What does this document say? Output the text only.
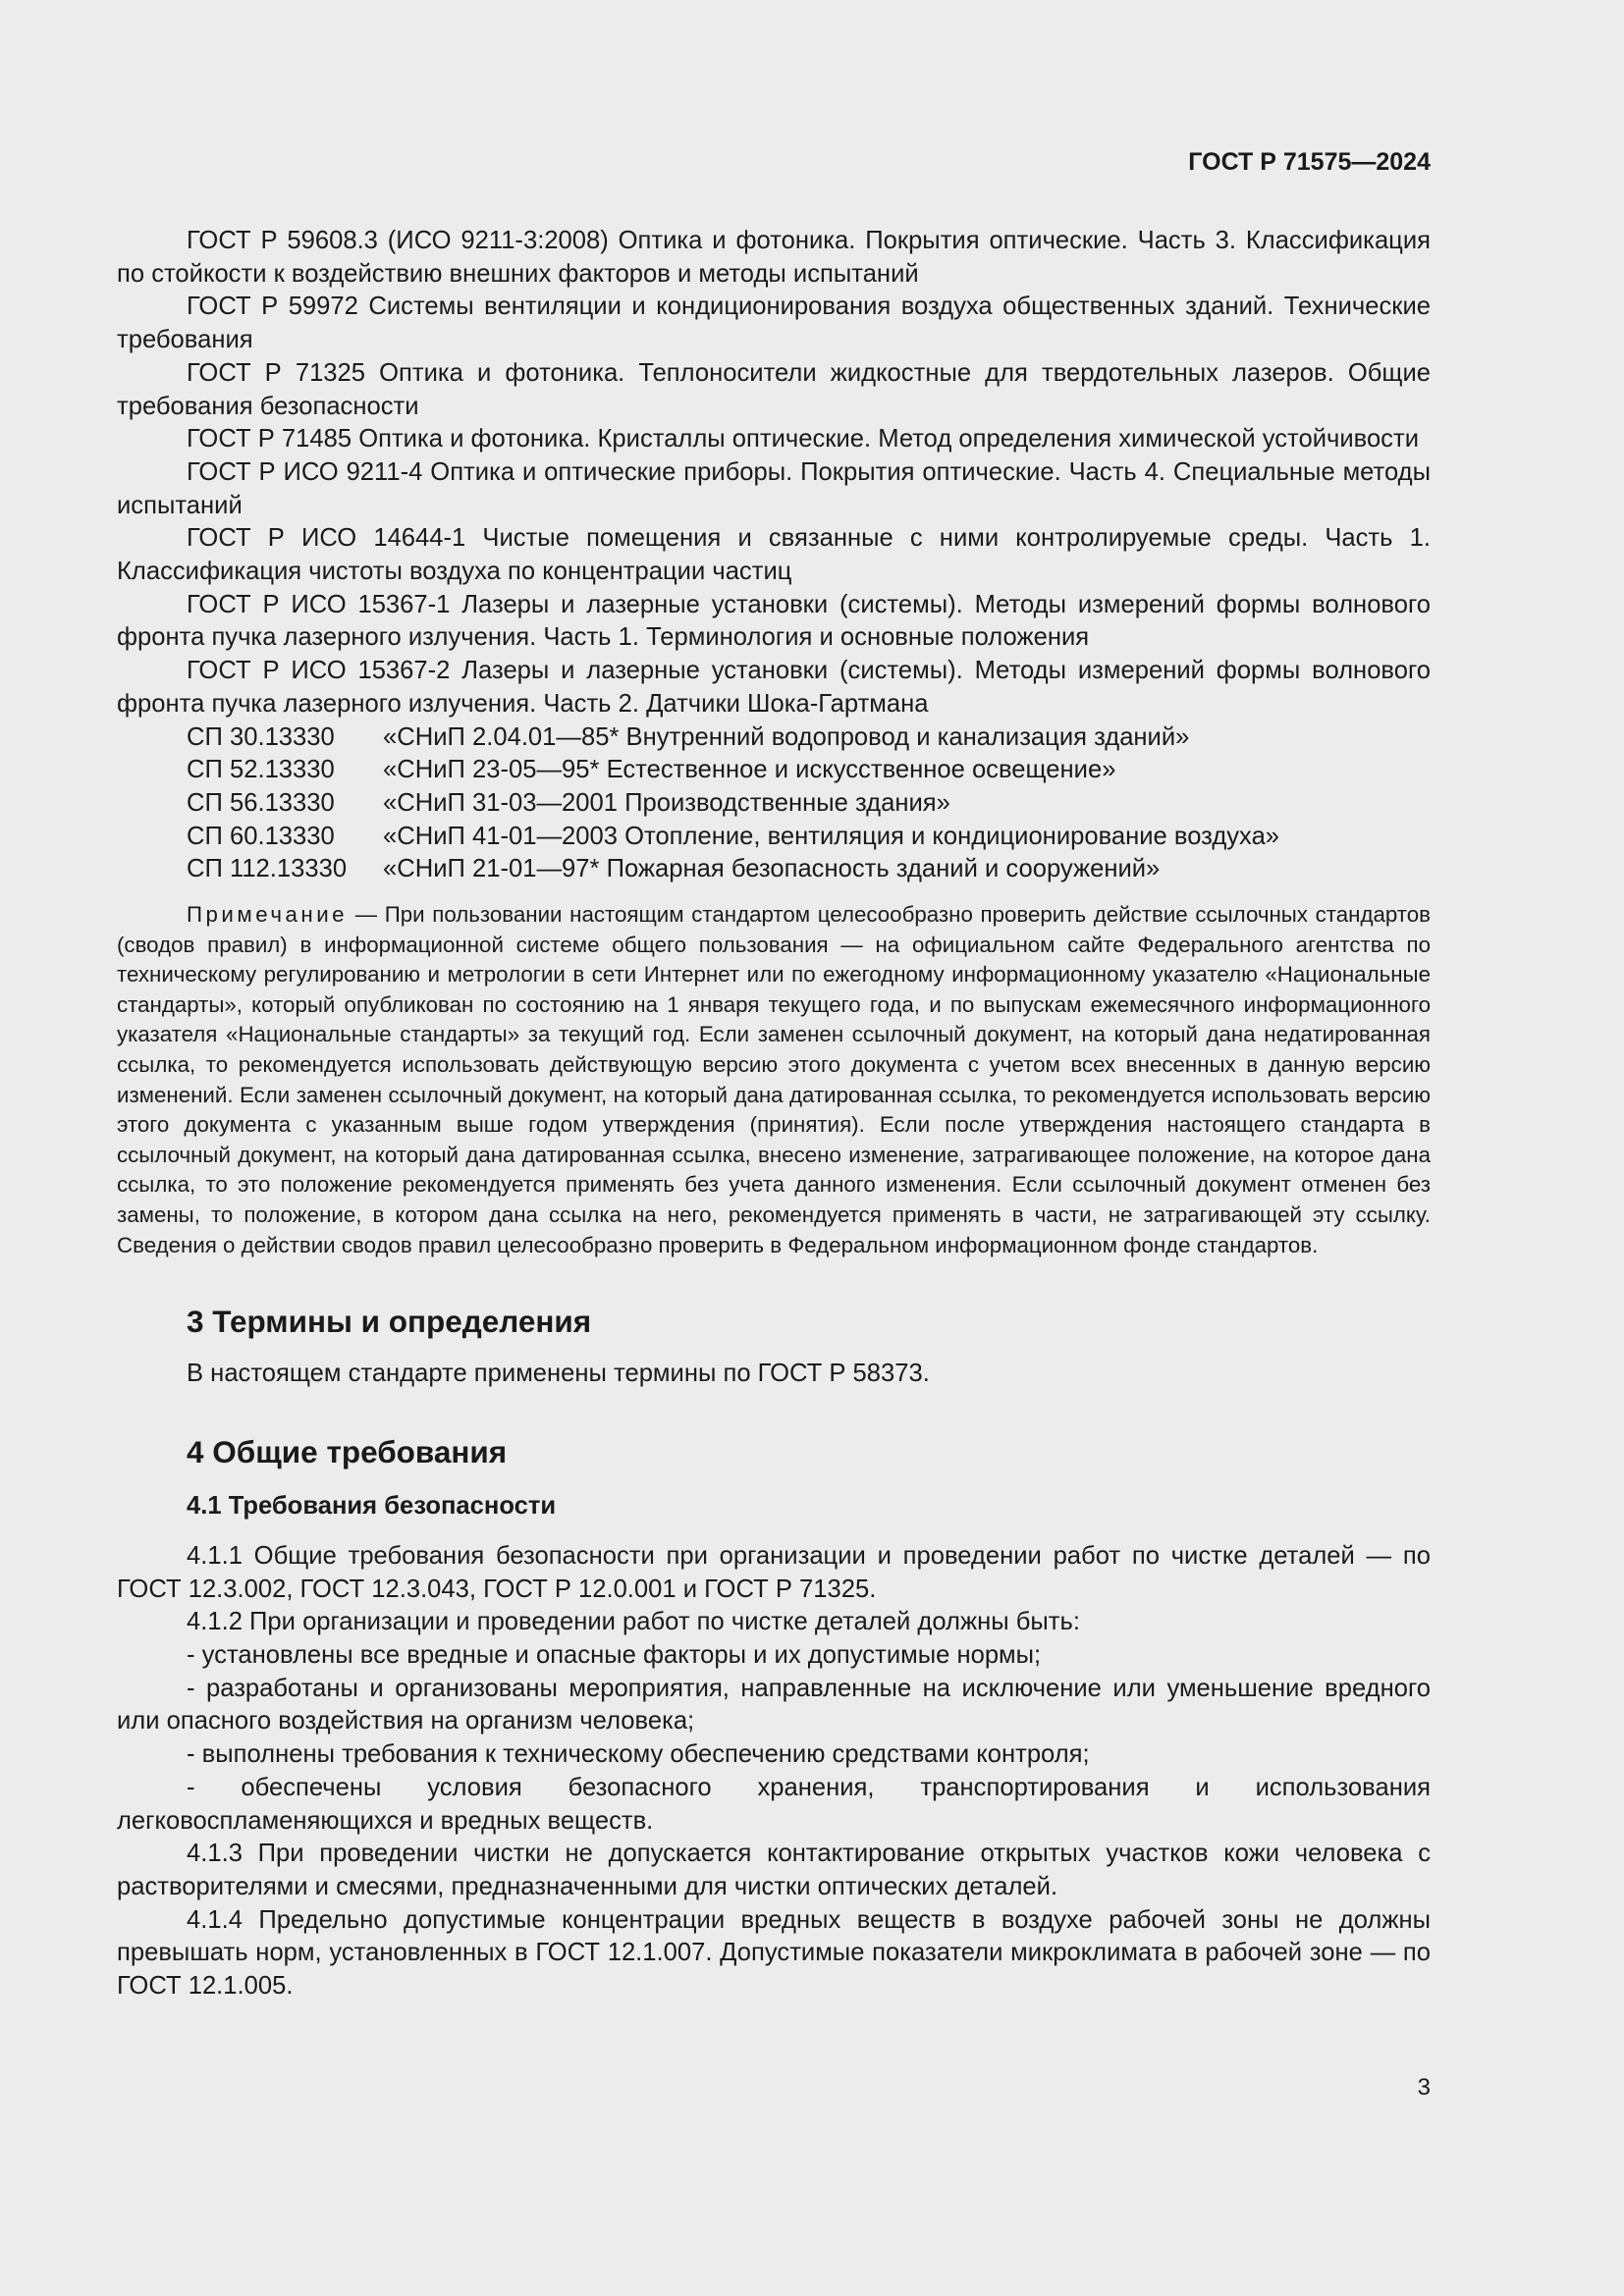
ГОСТ Р 71575—2024

ГОСТ Р 59608.3 (ИСО 9211-3:2008) Оптика и фотоника. Покрытия оптические. Часть 3. Классификация по стойкости к воздействию внешних факторов и методы испытаний

ГОСТ Р 59972 Системы вентиляции и кондиционирования воздуха общественных зданий. Технические требования

ГОСТ Р 71325 Оптика и фотоника. Теплоносители жидкостные для твердотельных лазеров. Общие требования безопасности

ГОСТ Р 71485 Оптика и фотоника. Кристаллы оптические. Метод определения химической устойчивости

ГОСТ Р ИСО 9211-4 Оптика и оптические приборы. Покрытия оптические. Часть 4. Специальные методы испытаний

ГОСТ Р ИСО 14644-1 Чистые помещения и связанные с ними контролируемые среды. Часть 1. Классификация чистоты воздуха по концентрации частиц

ГОСТ Р ИСО 15367-1 Лазеры и лазерные установки (системы). Методы измерений формы волнового фронта пучка лазерного излучения. Часть 1. Терминология и основные положения

ГОСТ Р ИСО 15367-2 Лазеры и лазерные установки (системы). Методы измерений формы волнового фронта пучка лазерного излучения. Часть 2. Датчики Шока-Гартмана

СП 30.13330 «СНиП 2.04.01—85* Внутренний водопровод и канализация зданий»

СП 52.13330 «СНиП 23-05—95* Естественное и искусственное освещение»

СП 56.13330 «СНиП 31-03—2001 Производственные здания»

СП 60.13330 «СНиП 41-01—2003 Отопление, вентиляция и кондиционирование воздуха»

СП 112.13330 «СНиП 21-01—97* Пожарная безопасность зданий и сооружений»

Примечание — При пользовании настоящим стандартом целесообразно проверить действие ссылочных стандартов (сводов правил) в информационной системе общего пользования — на официальном сайте Федерального агентства по техническому регулированию и метрологии в сети Интернет или по ежегодному информационному указателю «Национальные стандарты», который опубликован по состоянию на 1 января текущего года, и по выпускам ежемесячного информационного указателя «Национальные стандарты» за текущий год. Если заменен ссылочный документ, на который дана недатированная ссылка, то рекомендуется использовать действующую версию этого документа с учетом всех внесенных в данную версию изменений. Если заменен ссылочный документ, на который дана датированная ссылка, то рекомендуется использовать версию этого документа с указанным выше годом утверждения (принятия). Если после утверждения настоящего стандарта в ссылочный документ, на который дана датированная ссылка, внесено изменение, затрагивающее положение, на которое дана ссылка, то это положение рекомендуется применять без учета данного изменения. Если ссылочный документ отменен без замены, то положение, в котором дана ссылка на него, рекомендуется применять в части, не затрагивающей эту ссылку. Сведения о действии сводов правил целесообразно проверить в Федеральном информационном фонде стандартов.

3 Термины и определения

В настоящем стандарте применены термины по ГОСТ Р 58373.

4 Общие требования
4.1 Требования безопасности

4.1.1 Общие требования безопасности при организации и проведении работ по чистке деталей — по ГОСТ 12.3.002, ГОСТ 12.3.043, ГОСТ Р 12.0.001 и ГОСТ Р 71325.

4.1.2 При организации и проведении работ по чистке деталей должны быть:

- установлены все вредные и опасные факторы и их допустимые нормы;

- разработаны и организованы мероприятия, направленные на исключение или уменьшение вредного или опасного воздействия на организм человека;

- выполнены требования к техническому обеспечению средствами контроля;

- обеспечены условия безопасного хранения, транспортирования и использования легковоспламеняющихся и вредных веществ.

4.1.3 При проведении чистки не допускается контактирование открытых участков кожи человека с растворителями и смесями, предназначенными для чистки оптических деталей.

4.1.4 Предельно допустимые концентрации вредных веществ в воздухе рабочей зоны не должны превышать норм, установленных в ГОСТ 12.1.007. Допустимые показатели микроклимата в рабочей зоне — по ГОСТ 12.1.005.

3
